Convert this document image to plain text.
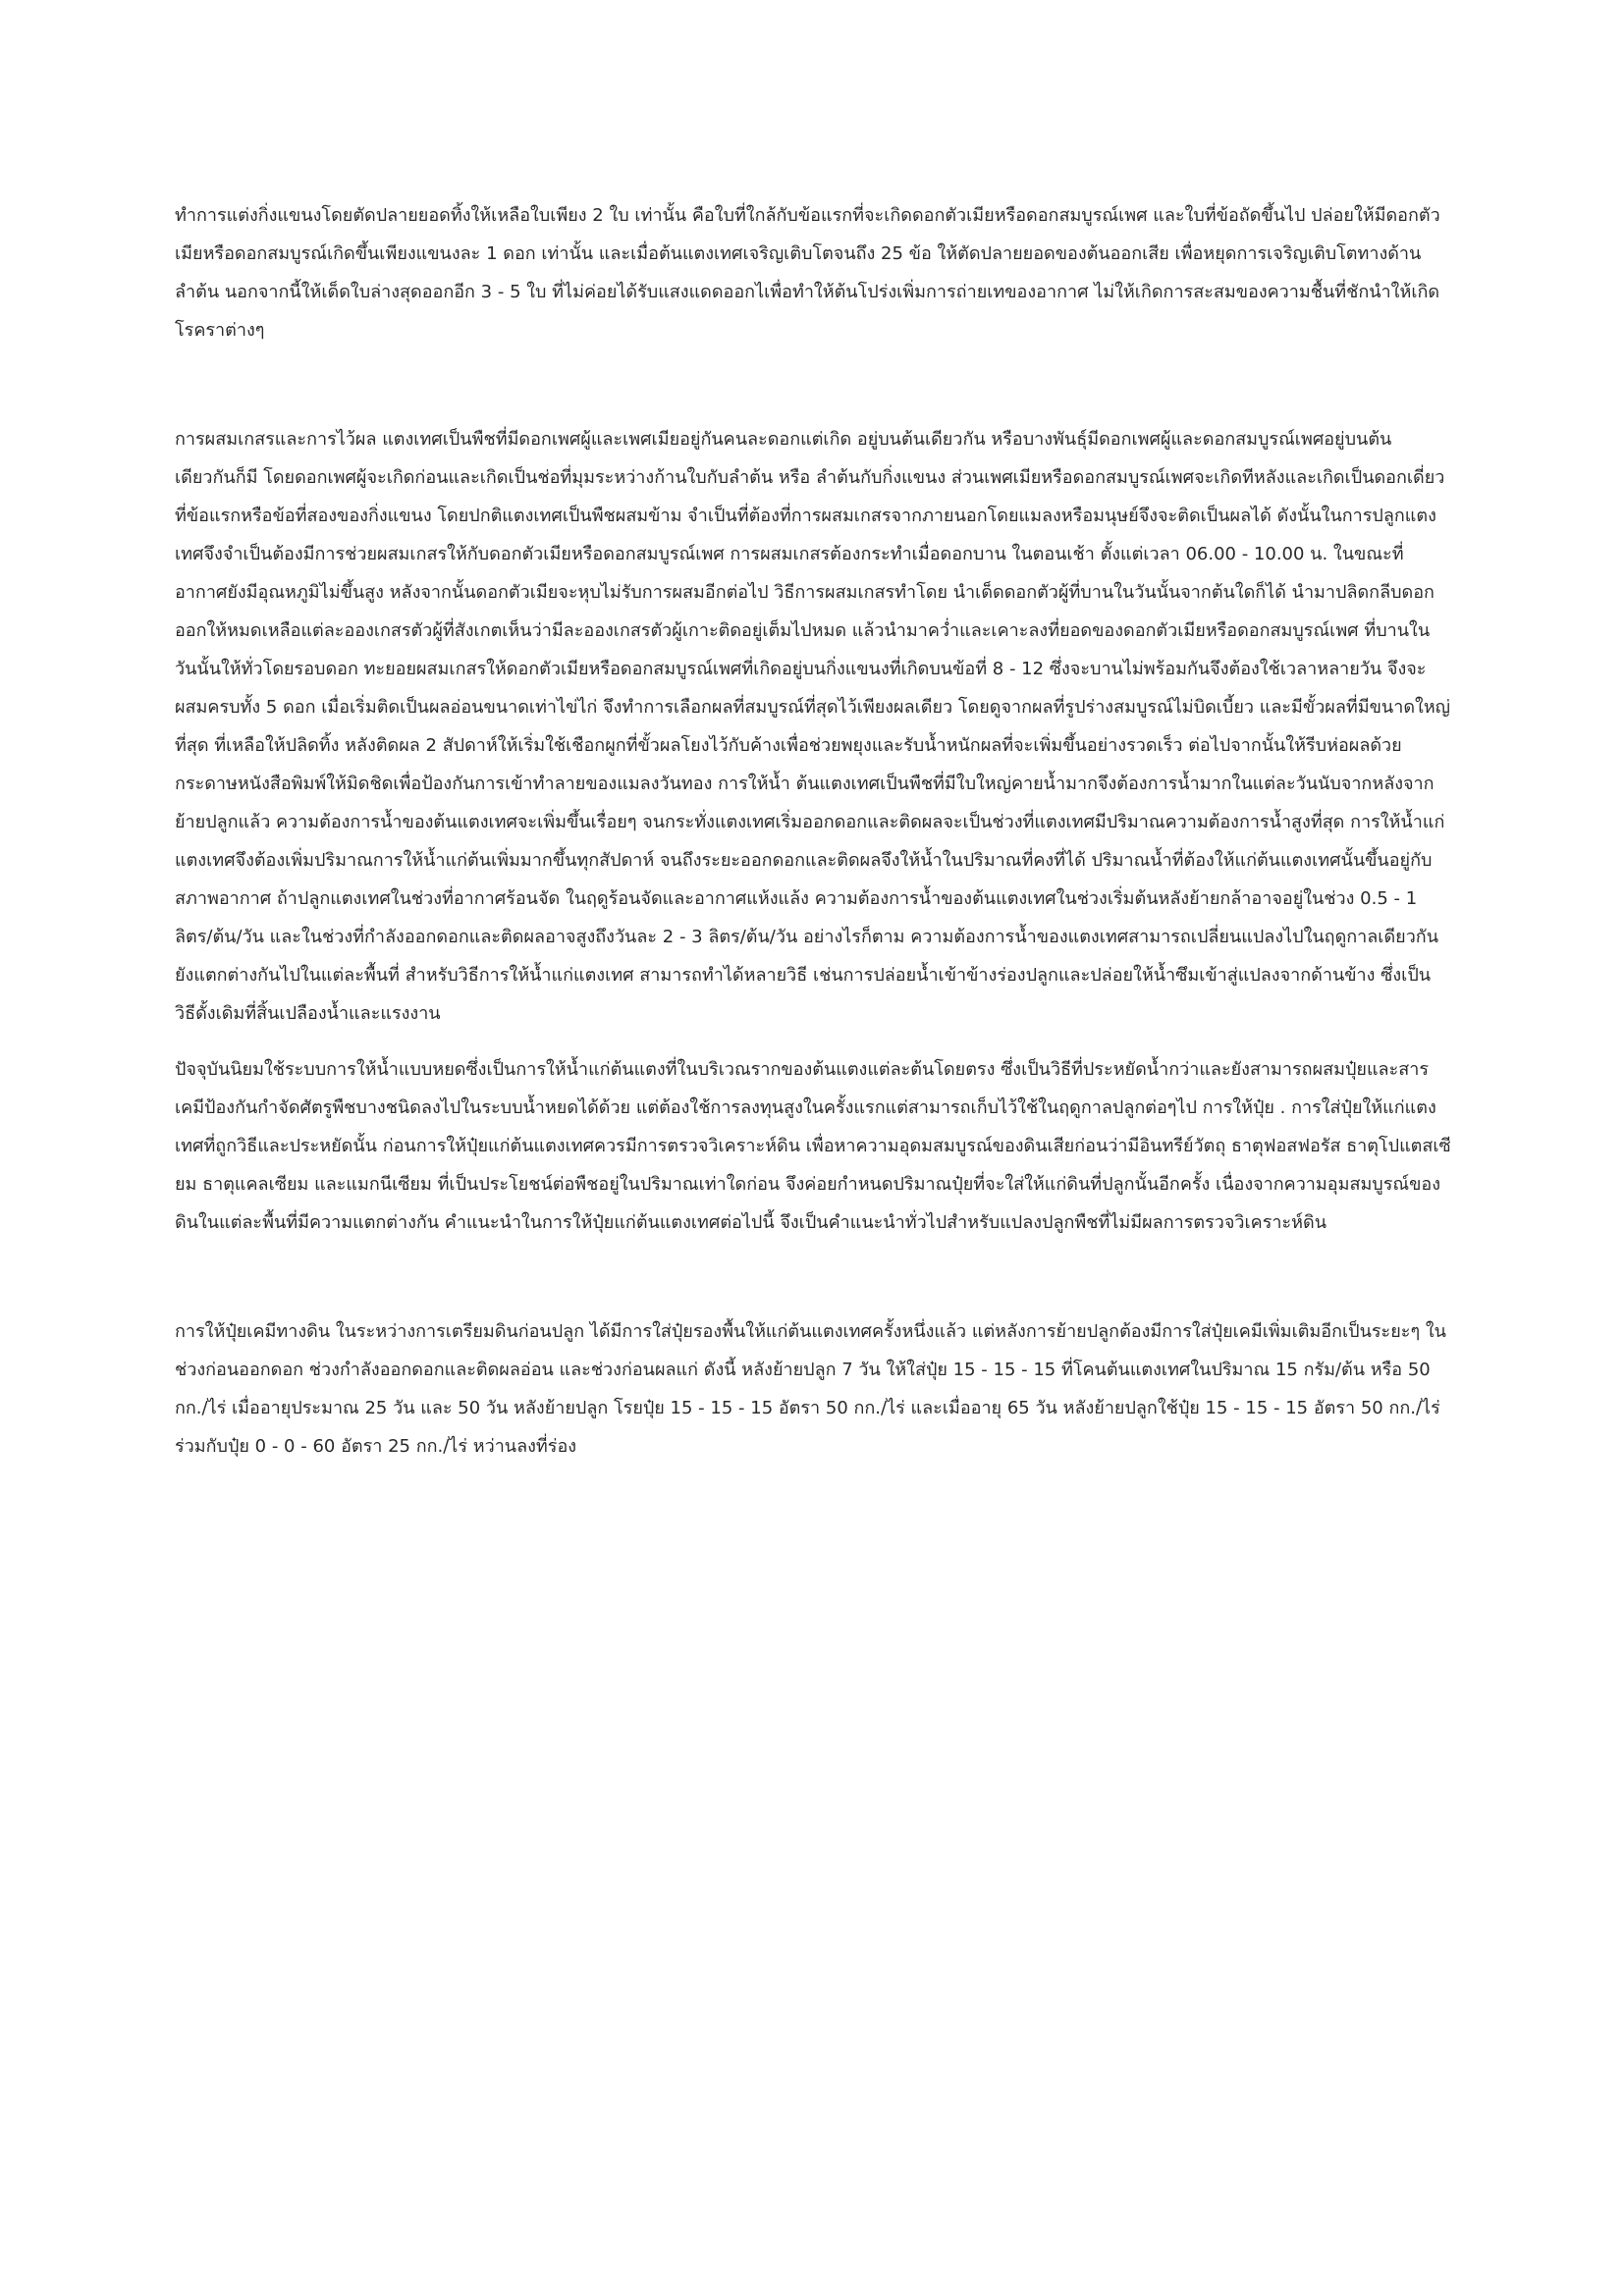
ทำการแต่งกิ่งแขนงโดยตัดปลายยอดทิ้งให้เหลือใบเพียง 2 ใบ เท่านั้น คือใบที่ใกล้กับข้อแรกที่จะเกิดดอกตัวเมียหรือดอกสมบูรณ์เพศ และใบที่ข้อถัดขึ้นไป ปล่อยให้มีดอกตัวเมียหรือดอกสมบูรณ์เกิดขึ้นเพียงแขนงละ 1 ดอก เท่านั้น และเมื่อต้นแตงเทศเจริญเติบโตจนถึง 25 ข้อ ให้ตัดปลายยอดของต้นออกเสีย เพื่อหยุดการเจริญเติบโตทางด้านลำต้น นอกจากนี้ให้เด็ดใบล่างสุดออกอีก 3 - 5 ใบ ที่ไม่ค่อยได้รับแสงแดดออกไเพื่อทำให้ต้นโปร่งเพิ่มการถ่ายเทของอากาศ ไม่ให้เกิดการสะสมของความชื้นที่ชักนำให้เกิดโรคราต่างๆ

การผสมเกสรและการไว้ผล แตงเทศเป็นพืชที่มีดอกเพศผู้และเพศเมียอยู่กันคนละดอกแต่เกิด อยู่บนต้นเดียวกัน หรือบางพันธุ์มีดอกเพศผู้และดอกสมบูรณ์เพศอยู่บนต้นเดียวกันก็มี โดยดอกเพศผู้จะเกิดก่อนและเกิดเป็นช่อที่มุมระหว่างก้านใบกับลำต้น หรือ ลำต้นกับกิ่งแขนง ส่วนเพศเมียหรือดอกสมบูรณ์เพศจะเกิดทีหลังและเกิดเป็นดอกเดี่ยว ที่ข้อแรกหรือข้อที่สองของกิ่งแขนง โดยปกติแตงเทศเป็นพืชผสมข้าม จำเป็นที่ต้องที่การผสมเกสรจากภายนอกโดยแมลงหรือมนุษย์จึงจะติดเป็นผลได้ ดังนั้นในการปลูกแตงเทศจึงจำเป็นต้องมีการช่วยผสมเกสรให้กับดอกตัวเมียหรือดอกสมบูรณ์เพศ การผสมเกสรต้องกระทำเมื่อดอกบาน ในตอนเช้า ตั้งแต่เวลา 06.00 - 10.00 น. ในขณะที่อากาศยังมีอุณหภูมิไม่ขึ้นสูง หลังจากนั้นดอกตัวเมียจะหุบไม่รับการผสมอีกต่อไป วิธีการผสมเกสรทำโดย นำเด็ดดอกตัวผู้ที่บานในวันนั้นจากต้นใดก็ได้ นำมาปลิดกลีบดอกออกให้หมดเหลือแต่ละอองเกสรตัวผู้ที่สังเกตเห็นว่ามีละอองเกสรตัวผู้เกาะติดอยู่เต็มไปหมด แล้วนำมาคว่ำและเคาะลงที่ยอดของดอกตัวเมียหรือดอกสมบูรณ์เพศ ที่บานในวันนั้นให้ทั่วโดยรอบดอก ทะยอยผสมเกสรให้ดอกตัวเมียหรือดอกสมบูรณ์เพศที่เกิดอยู่บนกิ่งแขนงที่เกิดบนข้อที่ 8 - 12 ซึ่งจะบานไม่พร้อมกันจึงต้องใช้เวลาหลายวัน จึงจะผสมครบทั้ง 5 ดอก เมื่อเริ่มติดเป็นผลอ่อนขนาดเท่าไข่ไก่ จึงทำการเลือกผลที่สมบูรณ์ที่สุดไว้เพียงผลเดียว โดยดูจากผลที่รูปร่างสมบูรณ์ไม่บิดเบี้ยว และมีขั้วผลที่มีขนาดใหญ่ที่สุด ที่เหลือให้ปลิดทิ้ง หลังติดผล 2 สัปดาห์ให้เริ่มใช้เชือกผูกที่ขั้วผลโยงไว้กับค้างเพื่อช่วยพยุงและรับน้ำหนักผลที่จะเพิ่มขึ้นอย่างรวดเร็ว ต่อไปจากนั้นให้รีบห่อผลด้วยกระดาษหนังสือพิมพ์ให้มิดชิดเพื่อป้องกันการเข้าทำลายของแมลงวันทอง การให้น้ำ ต้นแตงเทศเป็นพืชที่มีใบใหญ่คายน้ำมากจึงต้องการน้ำมากในแต่ละวันนับจากหลังจากย้ายปลูกแล้ว ความต้องการน้ำของต้นแตงเทศจะเพิ่มขึ้นเรื่อยๆ จนกระทั่งแตงเทศเริ่มออกดอกและติดผลจะเป็นช่วงที่แตงเทศมีปริมาณความต้องการน้ำสูงที่สุด การให้น้ำแก่แตงเทศจึงต้องเพิ่มปริมาณการให้น้ำแก่ต้นเพิ่มมากขึ้นทุกสัปดาห์ จนถึงระยะออกดอกและติดผลจึงให้น้ำในปริมาณที่คงที่ได้ ปริมาณน้ำที่ต้องให้แก่ต้นแตงเทศนั้นขึ้นอยู่กับสภาพอากาศ ถ้าปลูกแตงเทศในช่วงที่อากาศร้อนจัด ในฤดูร้อนจัดและอากาศแห้งแล้ง ความต้องการน้ำของต้นแตงเทศในช่วงเริ่มต้นหลังย้ายกล้าอาจอยู่ในช่วง 0.5 - 1 ลิตร/ต้น/วัน และในช่วงที่กำลังออกดอกและติดผลอาจสูงถึงวันละ 2 - 3 ลิตร/ต้น/วัน อย่างไรก็ตาม ความต้องการน้ำของแตงเทศสามารถเปลี่ยนแปลงไปในฤดูกาลเดียวกัน ยังแตกต่างกันไปในแต่ละพื้นที่ สำหรับวิธีการให้น้ำแก่แตงเทศ สามารถทำได้หลายวิธี เช่นการปล่อยน้ำเข้าข้างร่องปลูกและปล่อยให้น้ำซึมเข้าสู่แปลงจากด้านข้าง ซึ่งเป็นวิธีดั้งเดิมที่สิ้นเปลืองน้ำและแรงงาน

ปัจจุบันนิยมใช้ระบบการให้น้ำแบบหยดซึ่งเป็นการให้น้ำแก่ต้นแตงที่ในบริเวณรากของต้นแตงแต่ละต้นโดยตรง ซึ่งเป็นวิธีที่ประหยัดน้ำกว่าและยังสามารถผสมปุ๋ยและสารเคมีป้องกันกำจัดศัตรูพืชบางชนิดลงไปในระบบน้ำหยดได้ด้วย แต่ต้องใช้การลงทุนสูงในครั้งแรกแต่สามารถเก็บไว้ใช้ในฤดูกาลปลูกต่อๆไป การให้ปุ๋ย . การใส่ปุ๋ยให้แก่แตงเทศที่ถูกวิธีและประหยัดนั้น ก่อนการให้ปุ๋ยแก่ต้นแตงเทศควรมีการตรวจวิเคราะห์ดิน เพื่อหาความอุดมสมบูรณ์ของดินเสียก่อนว่ามีอินทรีย์วัตถุ ธาตุฟอสฟอรัส ธาตุโปแตสเซียม ธาตุแคลเซียม และแมกนีเซียม ที่เป็นประโยชน์ต่อพืชอยู่ในปริมาณเท่าใดก่อน จึงค่อยกำหนดปริมาณปุ๋ยที่จะใส่ให้แก่ดินที่ปลูกนั้นอีกครั้ง เนื่องจากความอุมสมบูรณ์ของดินในแต่ละพื้นที่มีความแตกต่างกัน คำแนะนำในการให้ปุ๋ยแก่ต้นแตงเทศต่อไปนี้ จึงเป็นคำแนะนำทั่วไปสำหรับแปลงปลูกพืชที่ไม่มีผลการตรวจวิเคราะห์ดิน

การให้ปุ๋ยเคมีทางดิน ในระหว่างการเตรียมดินก่อนปลูก ได้มีการใส่ปุ๋ยรองพื้นให้แก่ต้นแตงเทศครั้งหนึ่งแล้ว แต่หลังการย้ายปลูกต้องมีการใส่ปุ๋ยเคมีเพิ่มเติมอีกเป็นระยะๆ ในช่วงก่อนออกดอก ช่วงกำลังออกดอกและติดผลอ่อน และช่วงก่อนผลแก่ ดังนี้ หลังย้ายปลูก 7 วัน ให้ใส่ปุ๋ย 15 - 15 - 15 ที่โคนต้นแตงเทศในปริมาณ 15 กรัม/ต้น หรือ 50 กก./ไร่ เมื่ออายุประมาณ 25 วัน และ 50 วัน หลังย้ายปลูก โรยปุ๋ย 15 - 15 - 15 อัตรา 50 กก./ไร่ และเมื่ออายุ 65 วัน หลังย้ายปลูกใช้ปุ๋ย 15 - 15 - 15 อัตรา 50 กก./ไร่ ร่วมกับปุ๋ย 0 - 0 - 60 อัตรา 25 กก./ไร่ หว่านลงที่ร่อง
